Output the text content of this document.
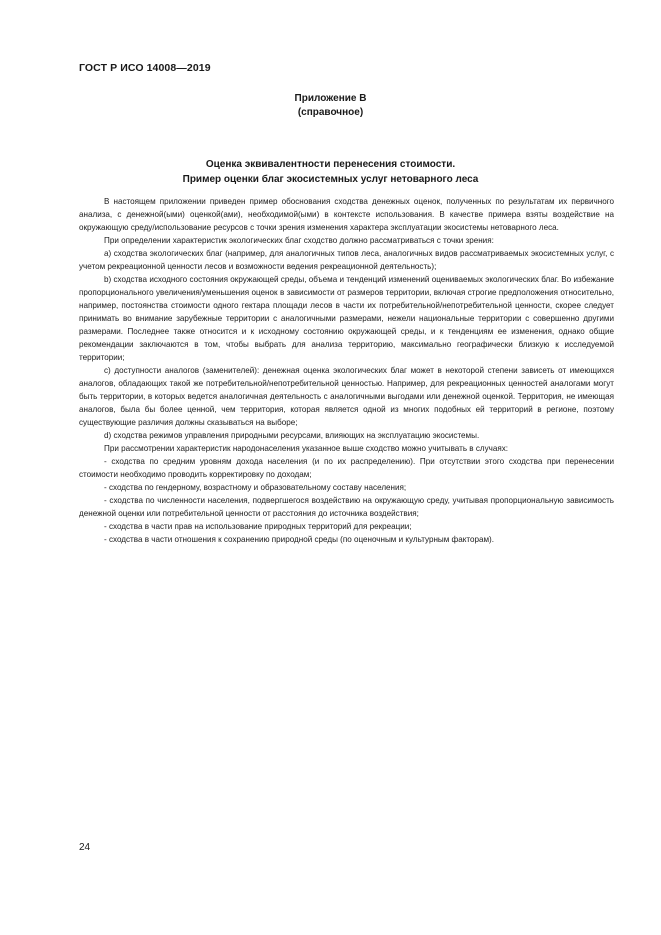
ГОСТ Р ИСО 14008—2019
Приложение В
(справочное)
Оценка эквивалентности перенесения стоимости.
Пример оценки благ экосистемных услуг нетоварного леса

В настоящем приложении приведен пример обоснования сходства денежных оценок, полученных по результатам их первичного анализа, с денежной(ыми) оценкой(ами), необходимой(ыми) в контексте использования. В качестве примера взяты воздействие на окружающую среду/использование ресурсов с точки зрения изменения характера эксплуатации экосистемы нетоварного леса.

При определении характеристик экологических благ сходство должно рассматриваться с точки зрения:

а) сходства экологических благ (например, для аналогичных типов леса, аналогичных видов рассматриваемых экосистемных услуг, с учетом рекреационной ценности лесов и возможности ведения рекреационной деятельность);

b) сходства исходного состояния окружающей среды, объема и тенденций изменений оцениваемых экологических благ. Во избежание пропорционального увеличения/уменьшения оценок в зависимости от размеров территории, включая строгие предположения относительно, например, постоянства стоимости одного гектара площади лесов в части их потребительной/непотребительной ценности, скорее следует принимать во внимание зарубежные территории с аналогичными размерами, нежели национальные территории с совершенно другими размерами. Последнее также относится и к исходному состоянию окружающей среды, и к тенденциям ее изменения, однако общие рекомендации заключаются в том, чтобы выбрать для анализа территорию, максимально географически близкую к исследуемой территории;

c) доступности аналогов (заменителей): денежная оценка экологических благ может в некоторой степени зависеть от имеющихся аналогов, обладающих такой же потребительной/непотребительной ценностью. Например, для рекреационных ценностей аналогами могут быть территории, в которых ведется аналогичная деятельность с аналогичными выгодами или денежной оценкой. Территория, не имеющая аналогов, была бы более ценной, чем территория, которая является одной из многих подобных ей территорий в регионе, поэтому существующие различия должны сказываться на выборе;

d) сходства режимов управления природными ресурсами, влияющих на эксплуатацию экосистемы.

При рассмотрении характеристик народонаселения указанное выше сходство можно учитывать в случаях:

- сходства по средним уровням дохода населения (и по их распределению). При отсутствии этого сходства при перенесении стоимости необходимо проводить корректировку по доходам;

- сходства по гендерному, возрастному и образовательному составу населения;

- сходства по численности населения, подвергшегося воздействию на окружающую среду, учитывая пропорциональную зависимость денежной оценки или потребительной ценности от расстояния до источника воздействия;

- сходства в части прав на использование природных территорий для рекреации;

- сходства в части отношения к сохранению природной среды (по оценочным и культурным факторам).

24
